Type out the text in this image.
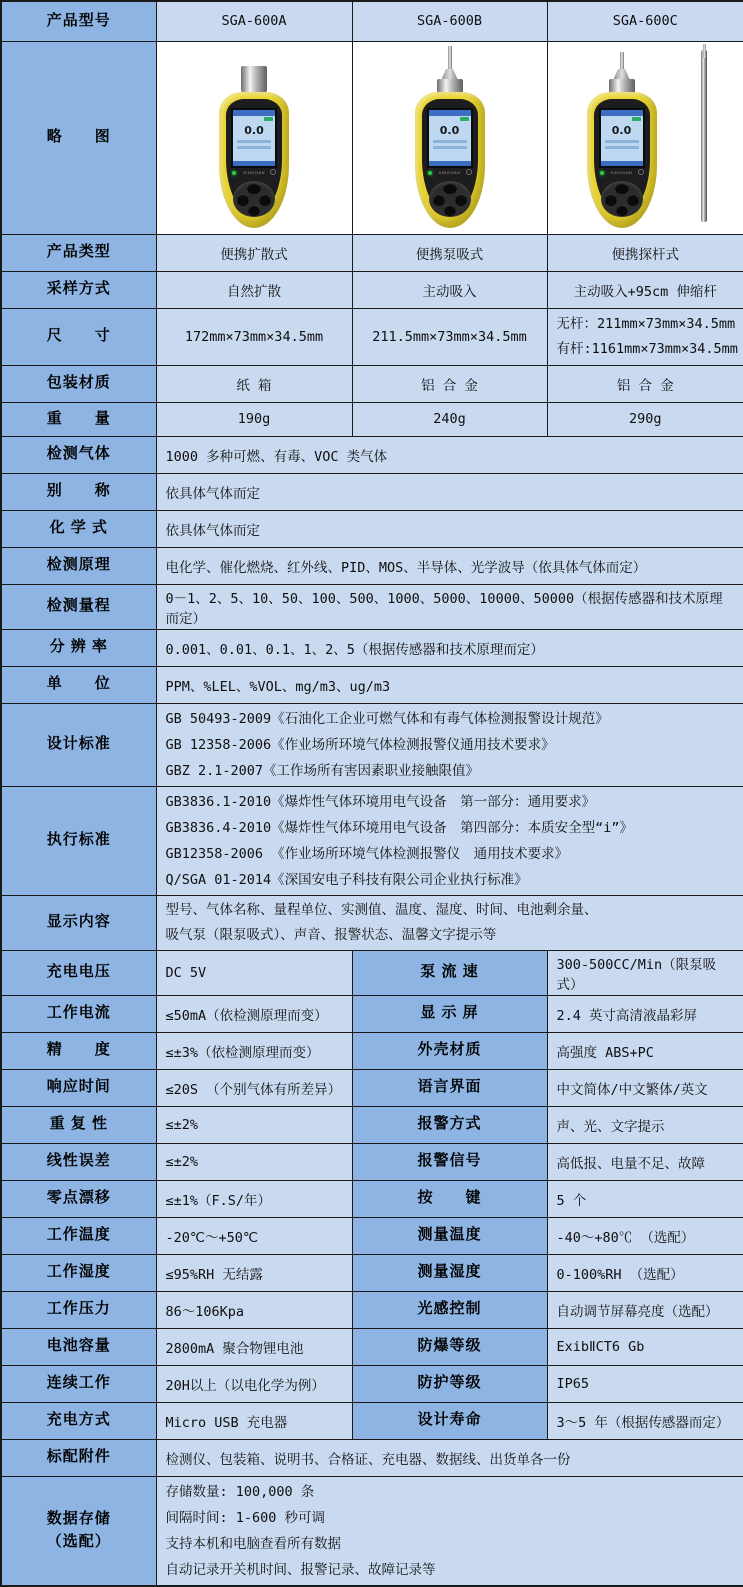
产品型号	SGA-600A	SGA-600B	SGA-600C
略　　图	0.0
SINGOAN

0.0
SINGOAN

0.0
SINGOAN

产品类型	便携扩散式	便携泵吸式	便携探杆式
采样方式	自然扩散	主动吸入	主动吸入+95cm 伸缩杆
尺　　寸	172mm×73mm×34.5mm	211.5mm×73mm×34.5mm	无杆：211mm×73mm×34.5mm
有杆:1161mm×73mm×34.5mm

包装材质	纸 箱	铝 合 金	铝 合 金
重　　量	190g	240g	290g
检测气体	1000 多种可燃、有毒、VOC 类气体		
别　　称	依具体气体而定		
化 学 式	依具体气体而定		
检测原理	电化学、催化燃烧、红外线、PID、MOS、半导体、光学波导（依具体气体而定）		
检测量程	0－1、2、5、10、50、100、500、1000、5000、10000、50000（根据传感器和技术原理而定）		
分 辨 率	0.001、0.01、0.1、1、2、5（根据传感器和技术原理而定）		
单　　位	PPM、%LEL、%VOL、mg/m3、ug/m3		
设计标准	GB 50493-2009《石油化工企业可燃气体和有毒气体检测报警设计规范》
GB 12358-2006《作业场所环境气体检测报警仪通用技术要求》
GBZ 2.1-2007《工作场所有害因素职业接触限值》		

执行标准	GB3836.1-2010《爆炸性气体环境用电气设备　第一部分：通用要求》
GB3836.4-2010《爆炸性气体环境用电气设备　第四部分：本质安全型“i”》
GB12358-2006 《作业场所环境气体检测报警仪　通用技术要求》
Q/SGA 01-2014《深国安电子科技有限公司企业执行标准》		

显示内容	型号、气体名称、量程单位、实测值、温度、湿度、时间、电池剩余量、
吸气泵（限泵吸式）、声音、报警状态、温馨文字提示等		

充电电压	DC 5V	泵 流 速	300-500CC/Min（限泵吸式）
工作电流	≤50mA（依检测原理而变）	显 示 屏	2.4 英寸高清液晶彩屏
精　　度	≤±3%（依检测原理而变）	外壳材质	高强度 ABS+PC
响应时间	≤20S （个别气体有所差异）	语言界面	中文简体/中文繁体/英文
重 复 性	≤±2%	报警方式	声、光、文字提示
线性误差	≤±2%	报警信号	高低报、电量不足、故障
零点漂移	≤±1%（F.S/年）	按　　键	5 个
工作温度	-20℃～+50℃	测量温度	-40～+80℃ （选配）
工作湿度	≤95%RH 无结露	测量湿度	0-100%RH （选配）
工作压力	86～106Kpa	光感控制	自动调节屏幕亮度（选配）
电池容量	2800mA 聚合物锂电池	防爆等级	ExibⅡCT6 Gb
连续工作	20H以上（以电化学为例）	防护等级	IP65
充电方式	Micro USB 充电器	设计寿命	3～5 年（根据传感器而定）
标配附件	检测仪、包装箱、说明书、合格证、充电器、数据线、出货单各一份		

数据存储
（选配）

存储数量: 100,000 条
间隔时间: 1-600 秒可调
支持本机和电脑查看所有数据
自动记录开关机时间、报警记录、故障记录等
